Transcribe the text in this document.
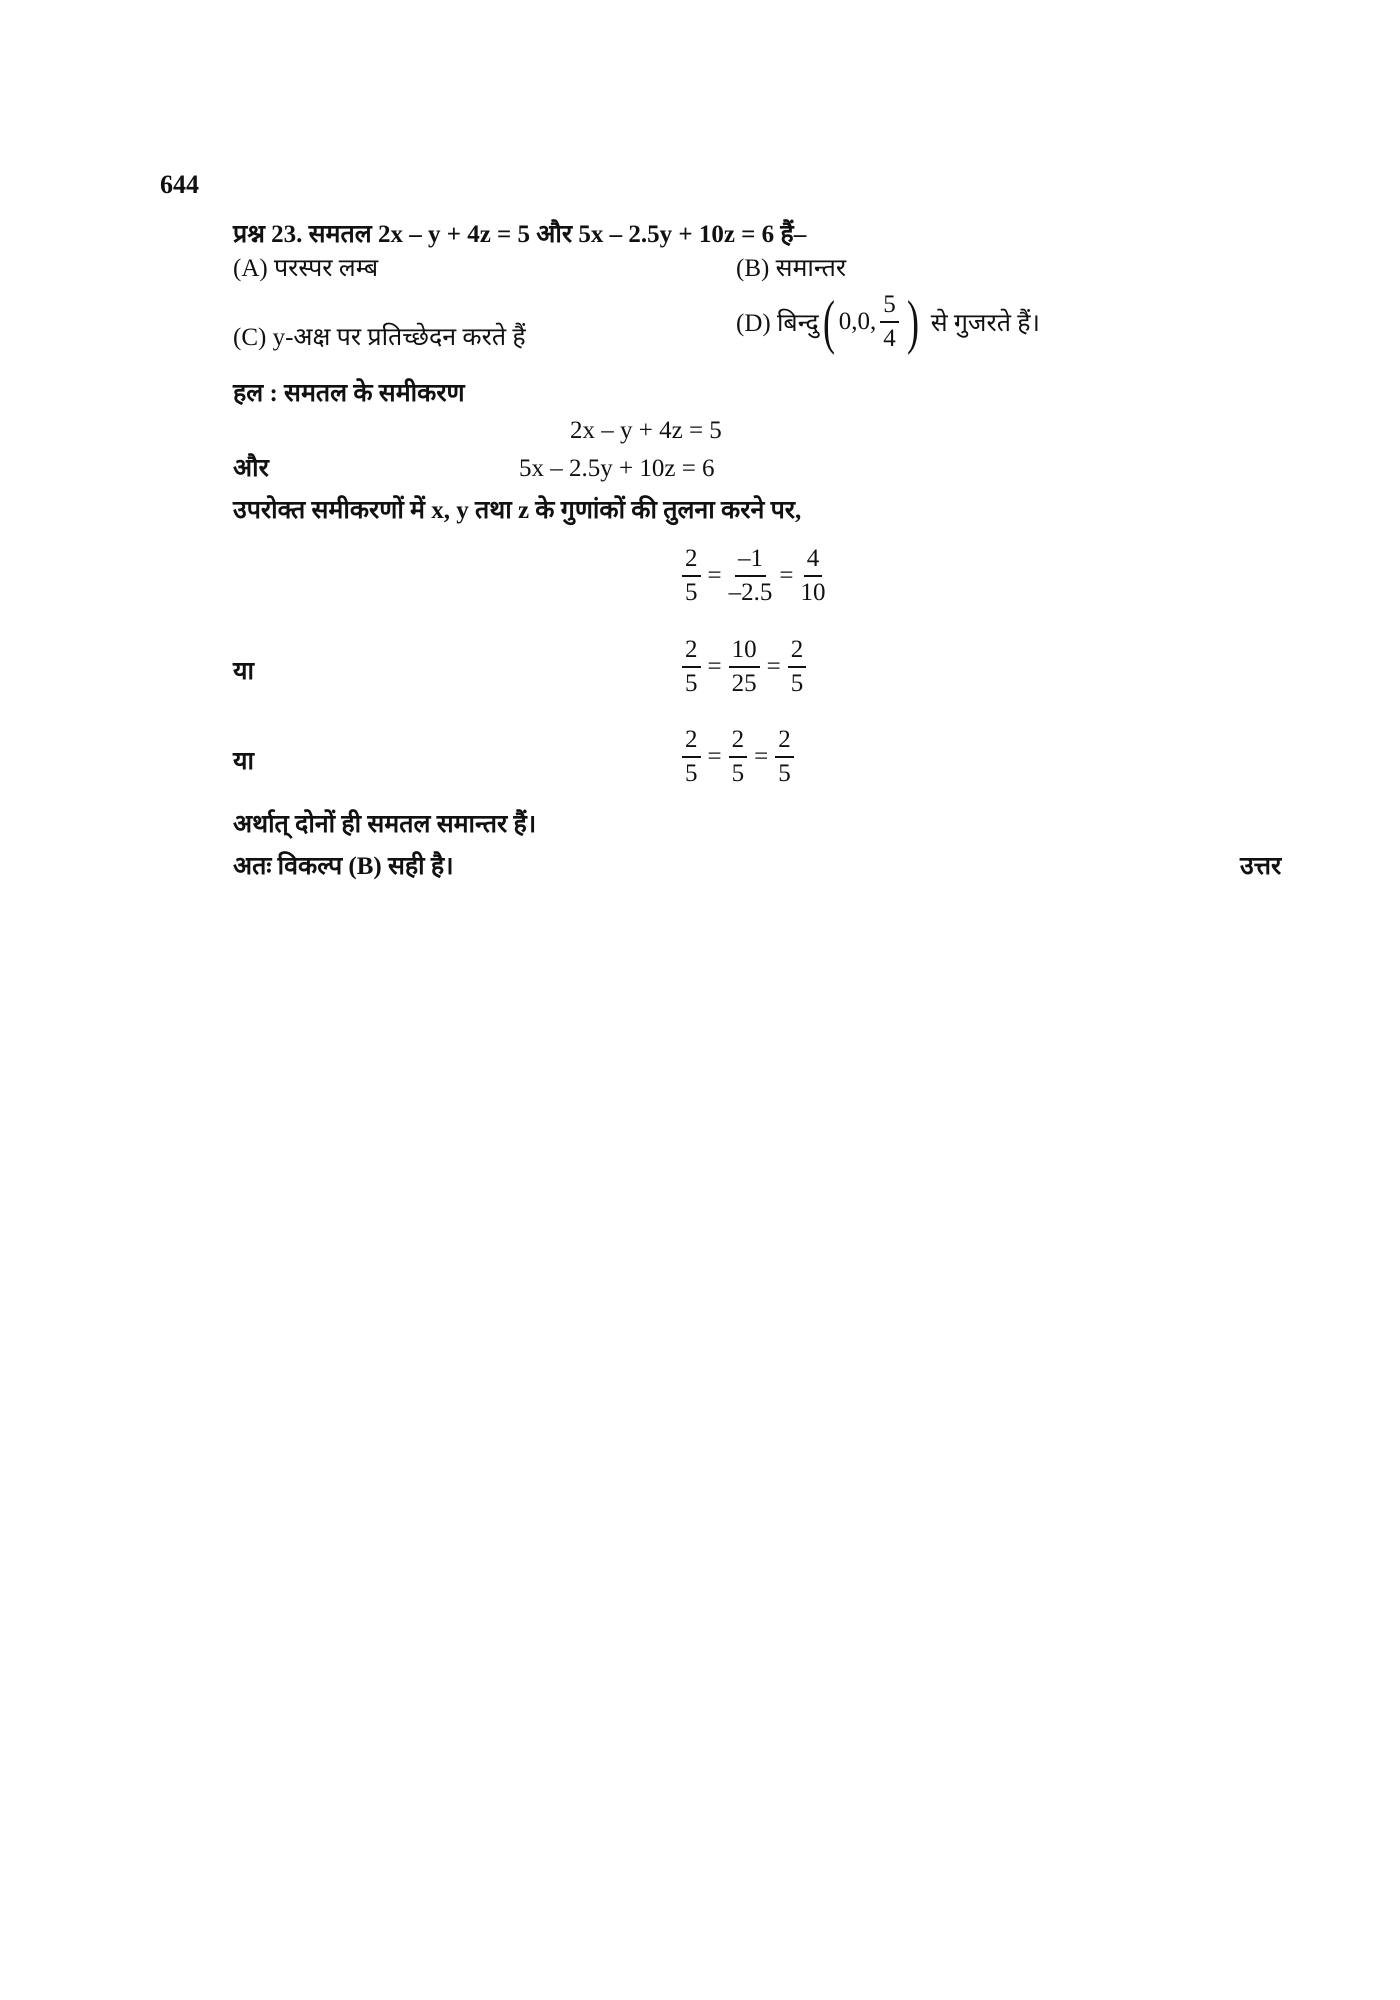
644
प्रश्न 23. समतल 2x – y + 4z = 5 और 5x – 2.5y + 10z = 6 हैं–
(A) परस्पर लम्ब	(B) समान्तर
(C) y-अक्ष पर प्रतिच्छेदन करते हैं
(D) बिन्दु ( 0,0, $\frac{5}{4}$ ) से गुजरते हैं।
हल : समतल के समीकरण
2x – y + 4z = 5
और	5x – 2.5y + 10z = 6
उपरोक्त समीकरणों में x, y तथा z के गुणांकों की तुलना करने पर,
$\frac{2}{5} = \frac{-1}{-2.5} = \frac{4}{10}$
या	$\frac{2}{5} = \frac{10}{25} = \frac{2}{5}$
या	$\frac{2}{5} = \frac{2}{5} = \frac{2}{5}$
अर्थात् दोनों ही समतल समान्तर हैं।
अतः विकल्प (B) सही है।	उत्तर
